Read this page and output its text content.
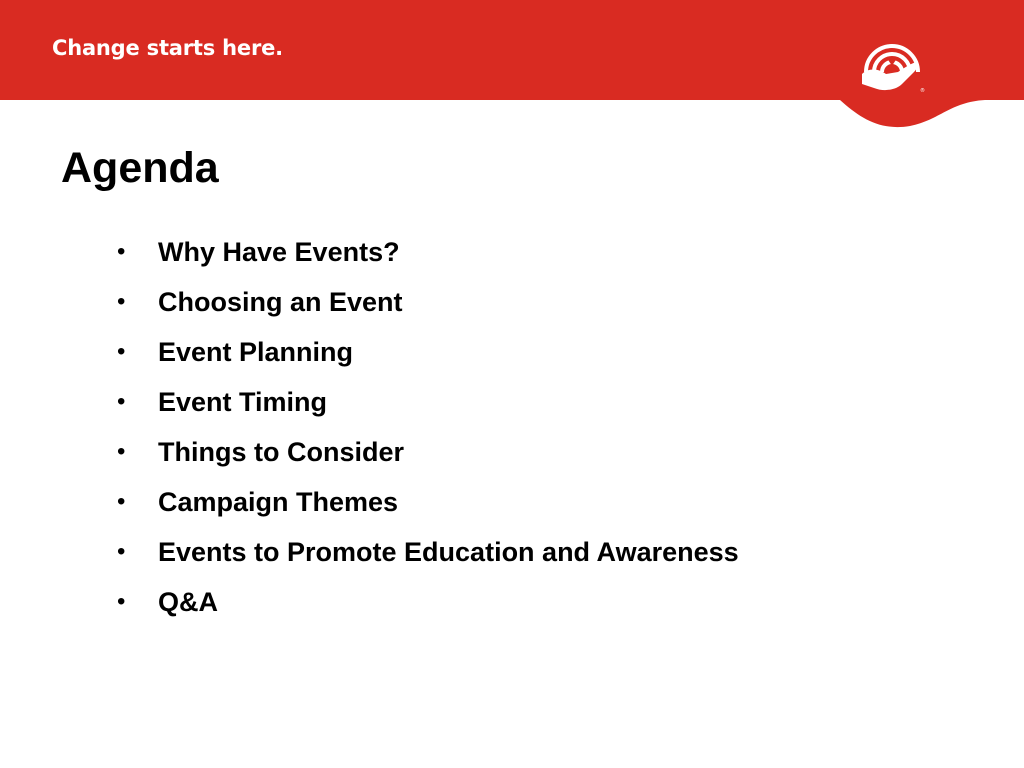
Change starts here.
®
Agenda
• Why Have Events?
• Choosing an Event
• Event Planning
• Event Timing
• Things to Consider
• Campaign Themes
• Events to Promote Education and Awareness
• Q&A
